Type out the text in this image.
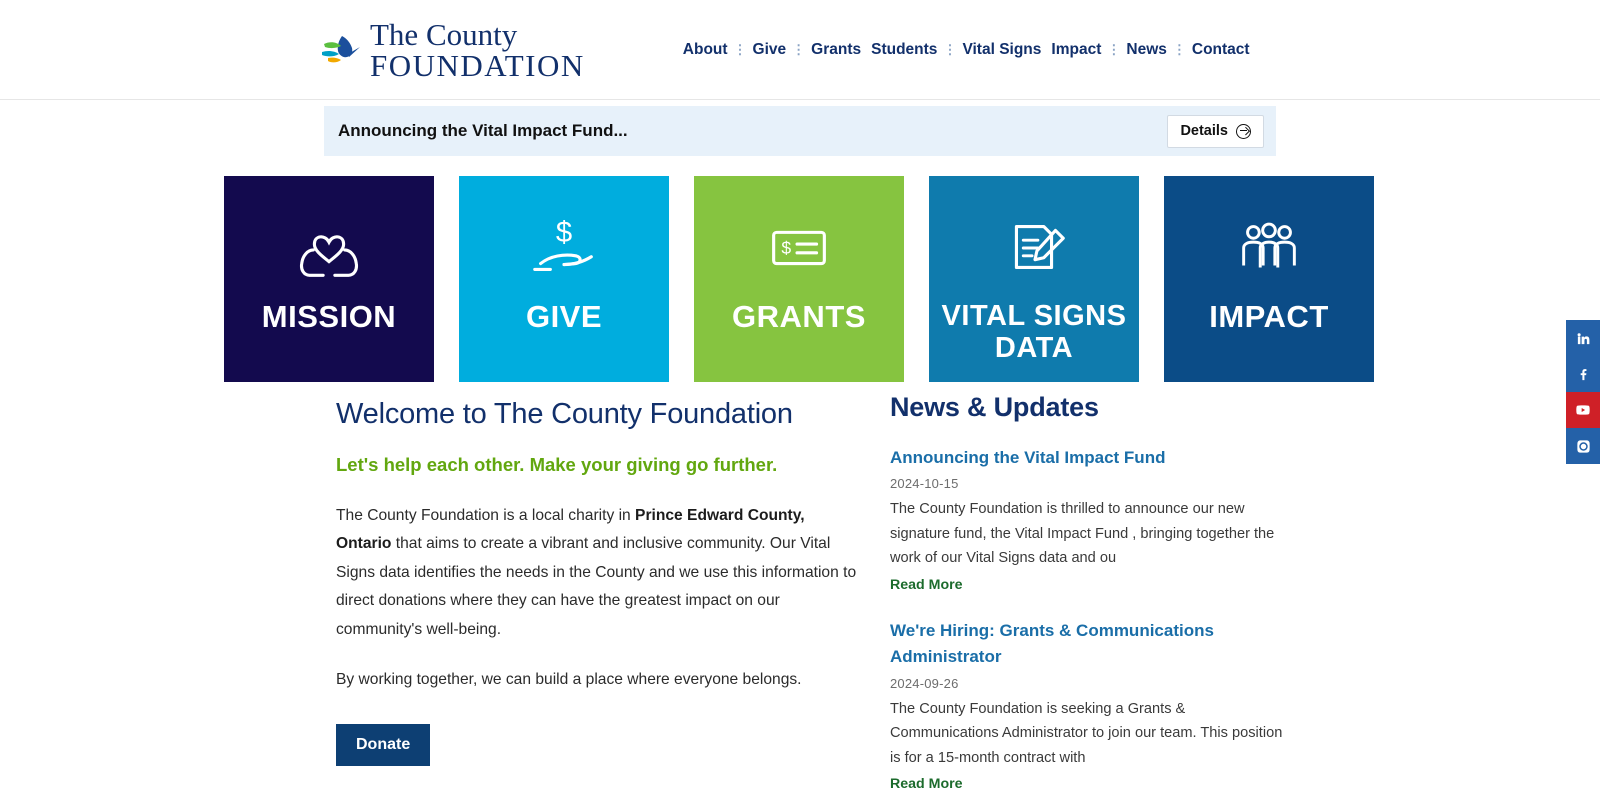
The County
FOUNDATION	About ⋮ Give ⋮ Grants Students ⋮ Vital Signs Impact ⋮ News ⋮ Contact
Announcing the Vital Impact Fund...	Details
MISSION
$
GIVE
$
GRANTS	VITAL SIGNS DATA
IMPACT
Welcome to The County Foundation
Let's help each other. Make your giving go further.

The County Foundation is a local charity in Prince Edward County, Ontario that aims to create a vibrant and inclusive community. Our Vital Signs data identifies the needs in the County and we use this information to direct donations where they can have the greatest impact on our community's well-being.

By working together, we can build a place where everyone belongs.

Donate
News & Updates
Announcing the Vital Impact Fund
2024-10-15
The County Foundation is thrilled to announce our new signature fund, the Vital Impact Fund , bringing together the work of our Vital Signs data and ou
Read More
We're Hiring: Grants & Communications Administrator
2024-09-26
The County Foundation is seeking a Grants & Communications Administrator to join our team. This position is for a 15-month contract with
Read More
